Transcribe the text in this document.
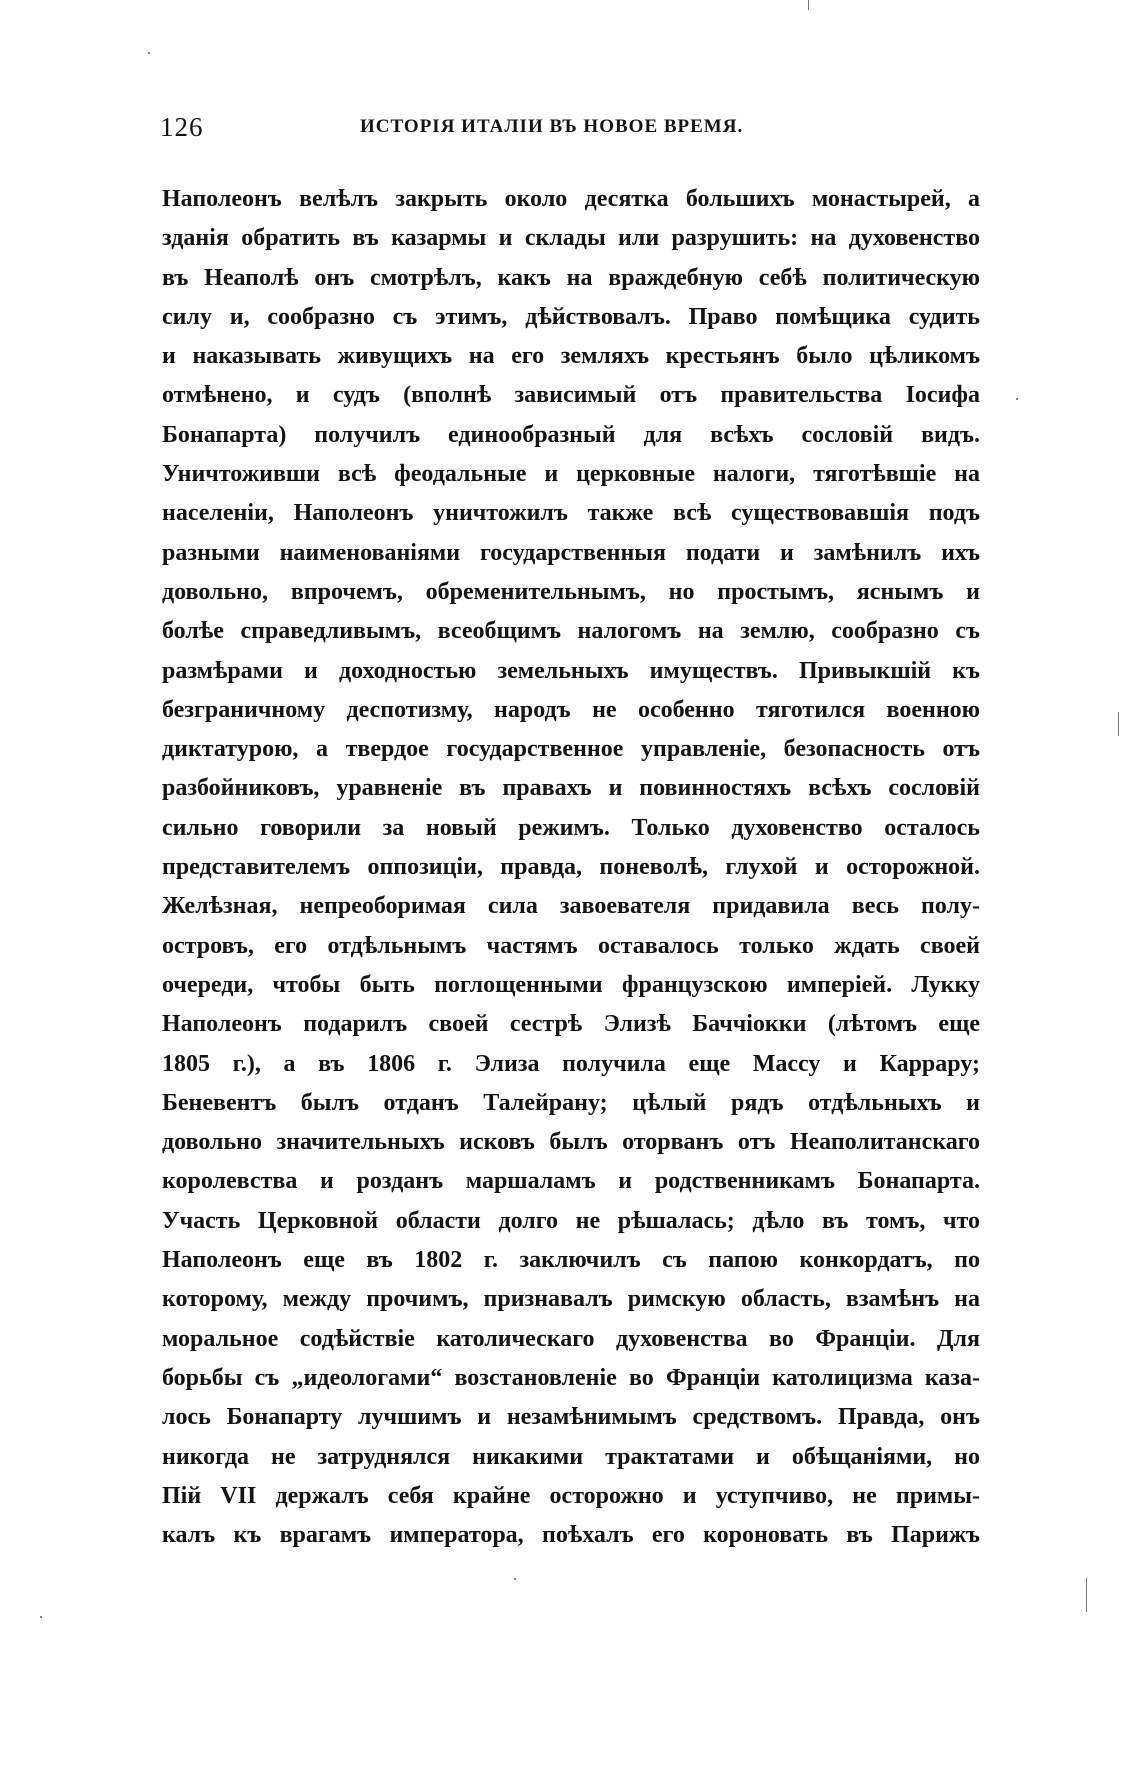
126	ИСТОРІЯ ИТАЛІИ ВЪ НОВОЕ ВРЕМЯ.
Наполеонъ велѣлъ закрыть около десятка большихъ монастырей, а
зданія обратить въ казармы и склады или разрушить: на духовенство
въ Неаполѣ онъ смотрѣлъ, какъ на враждебную себѣ политическую
силу и, сообразно съ этимъ, дѣйствовалъ. Право помѣщика судить
и наказывать живущихъ на его земляхъ крестьянъ было цѣликомъ
отмѣнено, и судъ (вполнѣ зависимый отъ правительства Іосифа
Бонапарта) получилъ единообразный для всѣхъ сословій видъ.
Уничтоживши всѣ феодальные и церковные налоги, тяготѣвшіе на
населеніи, Наполеонъ уничтожилъ также всѣ существовавшія подъ
разными наименованіями государственныя подати и замѣнилъ ихъ
довольно, впрочемъ, обременительнымъ, но простымъ, яснымъ и
болѣе справедливымъ, всеобщимъ налогомъ на землю, сообразно съ
размѣрами и доходностью земельныхъ имуществъ. Привыкшій къ
безграничному деспотизму, народъ не особенно тяготился военною
диктатурою, а твердое государственное управленіе, безопасность отъ
разбойниковъ, уравненіе въ правахъ и повинностяхъ всѣхъ сословій
сильно говорили за новый режимъ. Только духовенство осталось
представителемъ оппозиціи, правда, поневолѣ, глухой и осторожной.
Желѣзная, непреоборимая сила завоевателя придавила весь полу-
островъ, его отдѣльнымъ частямъ оставалось только ждать своей
очереди, чтобы быть поглощенными французскою имперіей. Лукку
Наполеонъ подарилъ своей сестрѣ Элизѣ Баччіокки (лѣтомъ еще
1805 г.), а въ 1806 г. Элиза получила еще Массу и Каррару;
Беневентъ былъ отданъ Талейрану; цѣлый рядъ отдѣльныхъ и
довольно значительныхъ исковъ былъ оторванъ отъ Неаполитанскаго
королевства и розданъ маршаламъ и родственникамъ Бонапарта.
Участь Церковной области долго не рѣшалась; дѣло въ томъ, что
Наполеонъ еще въ 1802 г. заключилъ съ папою конкордатъ, по
которому, между прочимъ, признавалъ римскую область, взамѣнъ на
моральное содѣйствіе католическаго духовенства во Франціи. Для
борьбы съ „идеологами“ возстановленіе во Франціи католицизма каза-
лось Бонапарту лучшимъ и незамѣнимымъ средствомъ. Правда, онъ
никогда не затруднялся никакими трактатами и обѣщаніями, но
Пій VII держалъ себя крайне осторожно и уступчиво, не примы-
калъ къ врагамъ императора, поѣхалъ его короновать въ Парижъ
